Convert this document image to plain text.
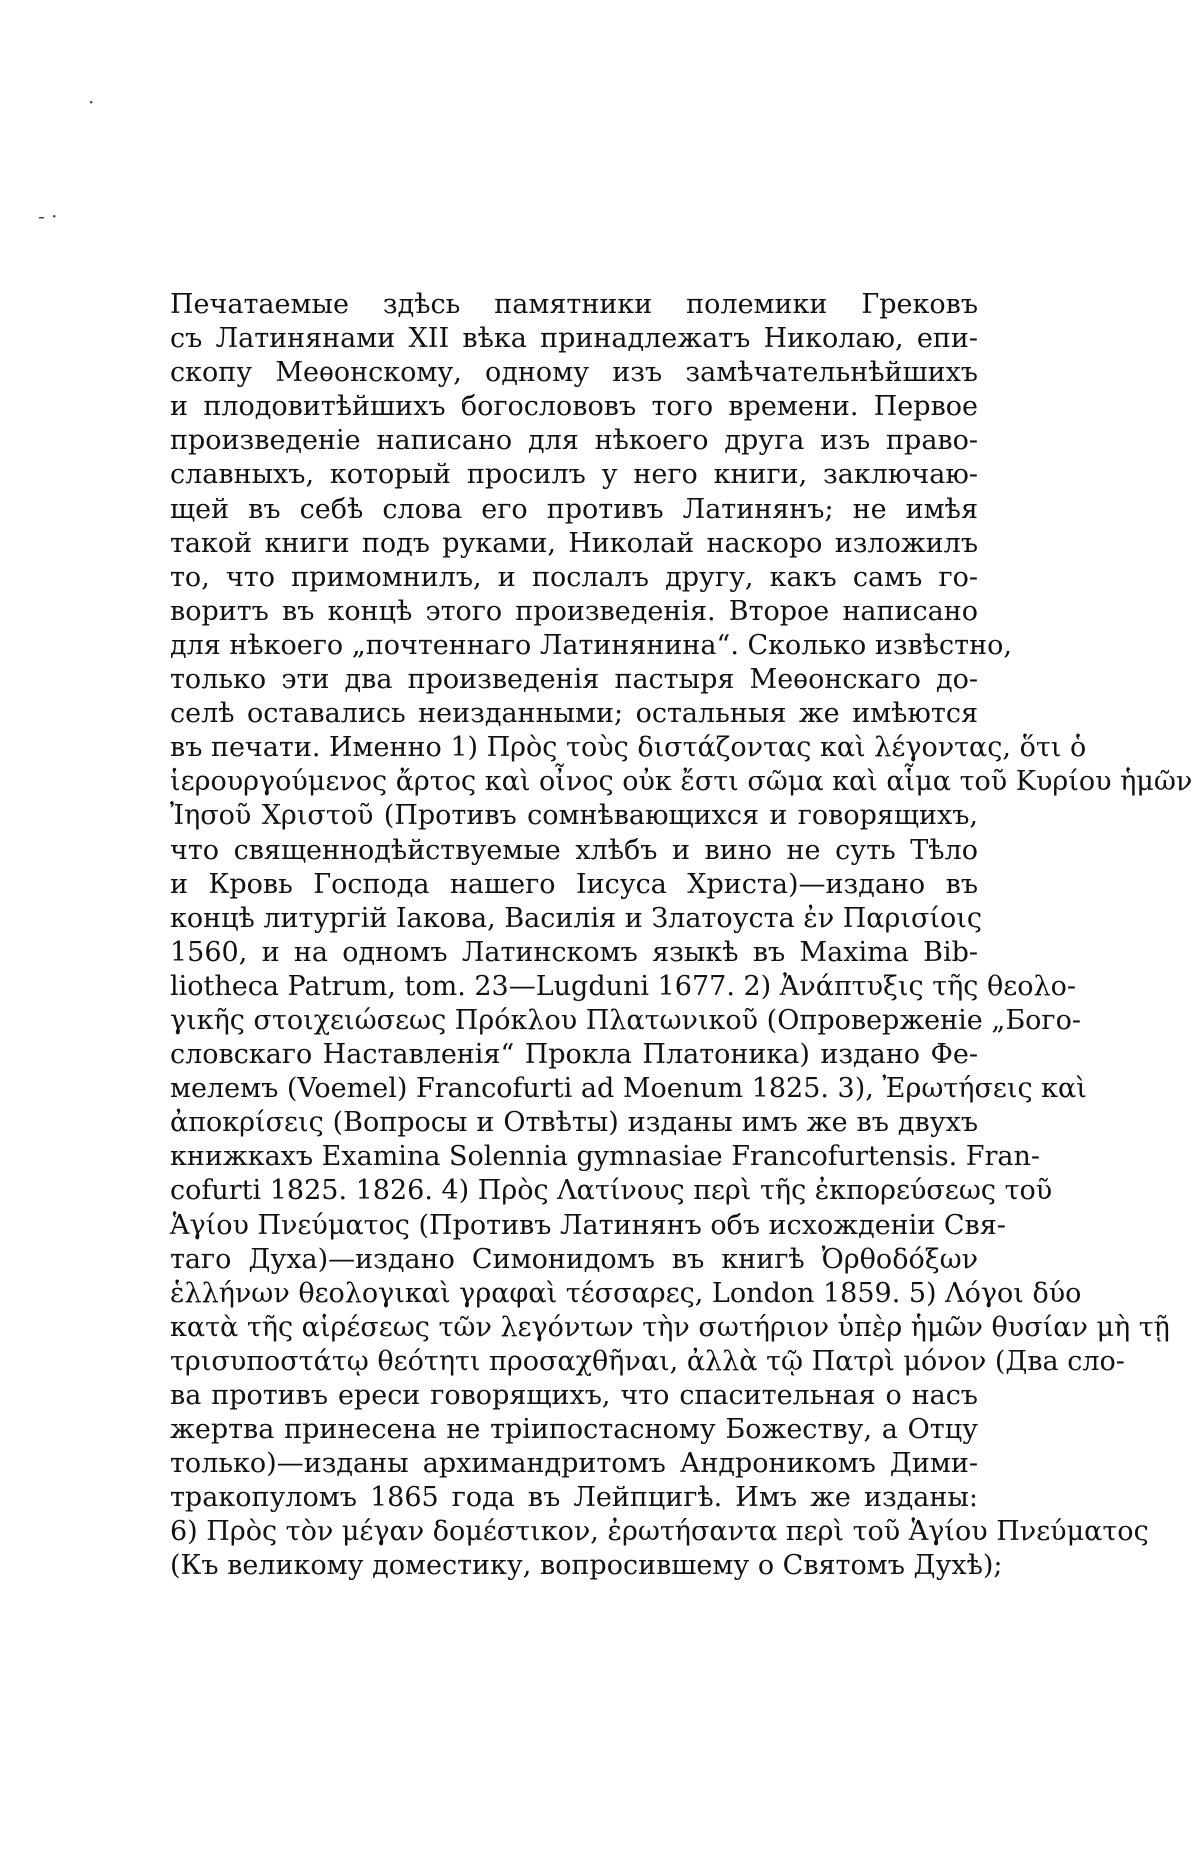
·
- ·
Печатаемые здѣсь памятники полемики Грековъ
съ Латинянами XII вѣка принадлежатъ Николаю, епи-
скопу Меѳонскому, одному изъ замѣчательнѣйшихъ
и плодовитѣйшихъ богослововъ того времени. Первое
произведеніе написано для нѣкоего друга изъ право-
славныхъ, который просилъ у него книги, заключаю-
щей въ себѣ слова его противъ Латинянъ; не имѣя
такой книги подъ руками, Николай наскоро изложилъ
то, что примомнилъ, и послалъ другу, какъ самъ го-
воритъ въ концѣ этого произведенія. Второе написано
для нѣкоего „почтеннаго Латинянина“. Сколько извѣстно,
только эти два произведенія пастыря Меѳонскаго до-
селѣ оставались неизданными; остальныя же имѣются
въ печати. Именно 1) Πρὸς τοὺς διστάζοντας καὶ λέγοντας, ὅτι ὁ
ἱερουργούμενος ἄρτος καὶ οἶνος οὐκ ἔστι σῶμα καὶ αἷμα τοῦ Κυρίου ἡμῶν
Ἰησοῦ Χριστοῦ (Противъ сомнѣвающихся и говорящихъ,
что священнодѣйствуемые хлѣбъ и вино не суть Тѣло
и Кровь Господа нашего Іисуса Христа)—издано въ
концѣ литургій Іакова, Василія и Златоуста ἐν Παρισίοις
1560, и на одномъ Латинскомъ языкѣ въ Maxima Bib-
liotheca Patrum, tom. 23—Lugduni 1677. 2) Ἀνάπτυξις τῆς θεολο-
γικῆς στοιχειώσεως Πρόκλου Πλατωνικοῦ (Опроверженіе „Бого-
словскаго Наставленія“ Прокла Платоника) издано Фе-
мелемъ (Voemel) Francofurti ad Moenum 1825. 3), Ἐρωτήσεις καὶ
ἀποκρίσεις (Вопросы и Отвѣты) изданы имъ же въ двухъ
книжкахъ Examina Solennia gymnasiae Francofurtensis. Fran-
cofurti 1825. 1826. 4) Πρὸς Λατίνους περὶ τῆς ἐκπορεύσεως τοῦ
Ἁγίου Πνεύματος (Противъ Латинянъ объ исхожденіи Свя-
таго Духа)—издано Симонидомъ въ книгѣ Ὀρθοδόξων
ἑλλήνων θεολογικαὶ γραφαὶ τέσσαρες, London 1859. 5) Λόγοι δύο
κατὰ τῆς αἱρέσεως τῶν λεγόντων τὴν σωτήριον ὑπὲρ ἡμῶν θυσίαν μὴ τῇ
τρισυποστάτῳ θεότητι προσαχθῆναι, ἀλλὰ τῷ Πατρὶ μόνον (Два сло-
ва противъ ереси говорящихъ, что спасительная о насъ
жертва принесена не тріипостасному Божеству, а Отцу
только)—изданы архимандритомъ Андроникомъ Дими-
тракопуломъ 1865 года въ Лейпцигѣ. Имъ же изданы:
6) Πρὸς τὸν μέγαν δομέστικον, ἐρωτήσαντα περὶ τοῦ Ἁγίου Πνεύματος
(Къ великому доместику, вопросившему о Святомъ Духѣ);
